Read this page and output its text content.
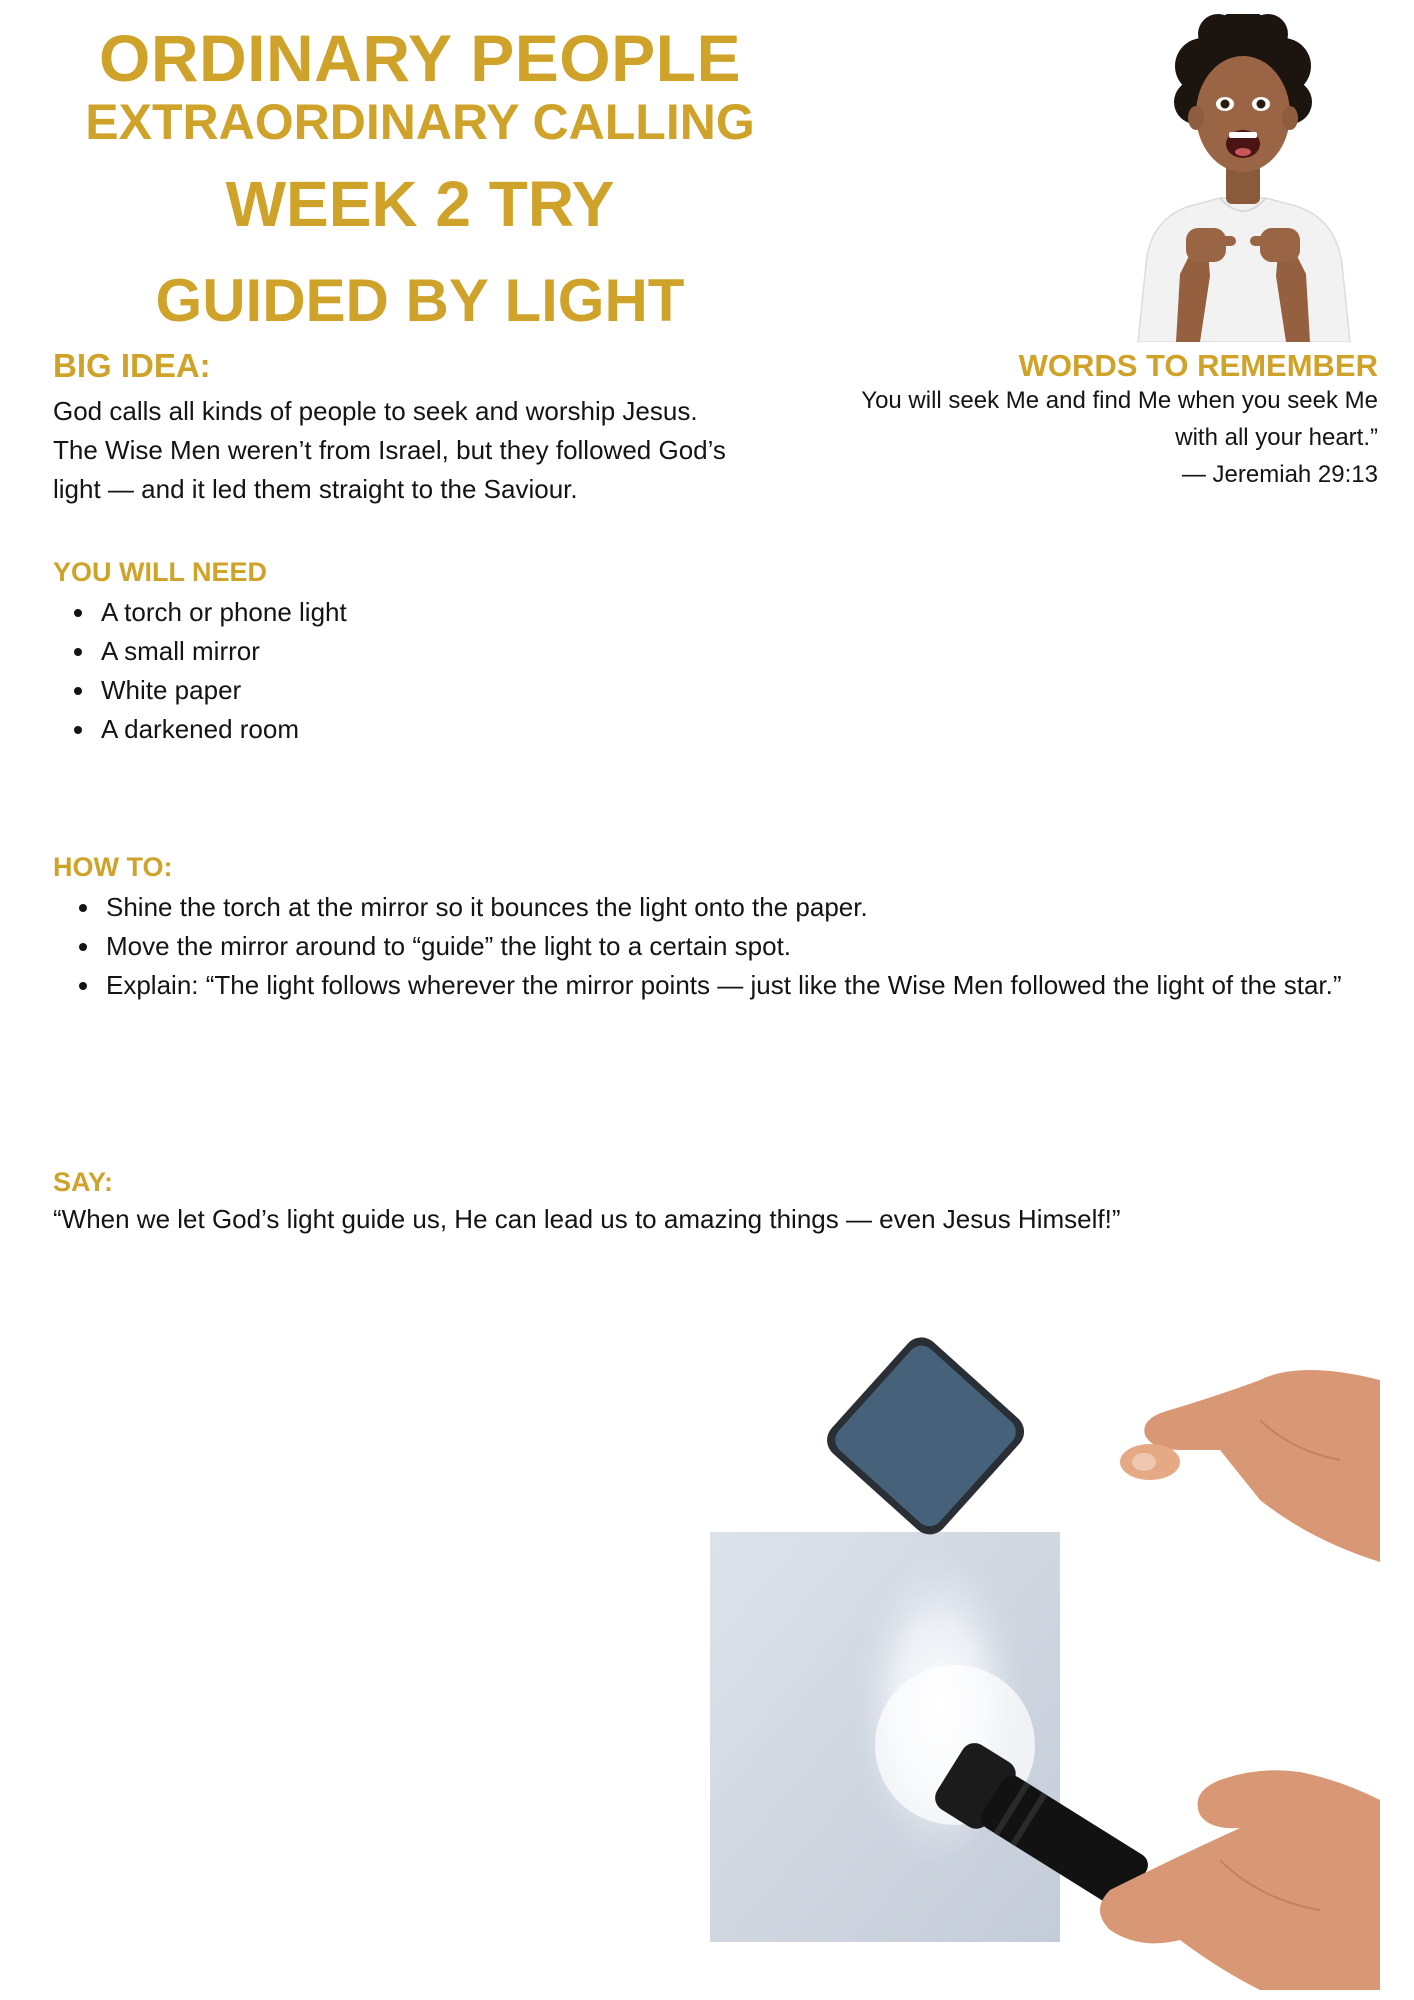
ORDINARY PEOPLE
EXTRAORDINARY CALLING
WEEK 2 TRY
GUIDED BY LIGHT
BIG IDEA:
God calls all kinds of people to seek and worship Jesus.
The Wise Men weren’t from Israel, but they followed God’s
light — and it led them straight to the Saviour.
WORDS TO REMEMBER
You will seek Me and find Me when you seek Me
with all your heart.”
— Jeremiah 29:13
YOU WILL NEED
• A torch or phone light
• A small mirror
• White paper
• A darkened room
HOW TO:
• Shine the torch at the mirror so it bounces the light onto the paper.
• Move the mirror around to “guide” the light to a certain spot.
• Explain: “The light follows wherever the mirror points — just like the Wise Men followed the light of the star.”
SAY:
“When we let God’s light guide us, He can lead us to amazing things — even Jesus Himself!”
